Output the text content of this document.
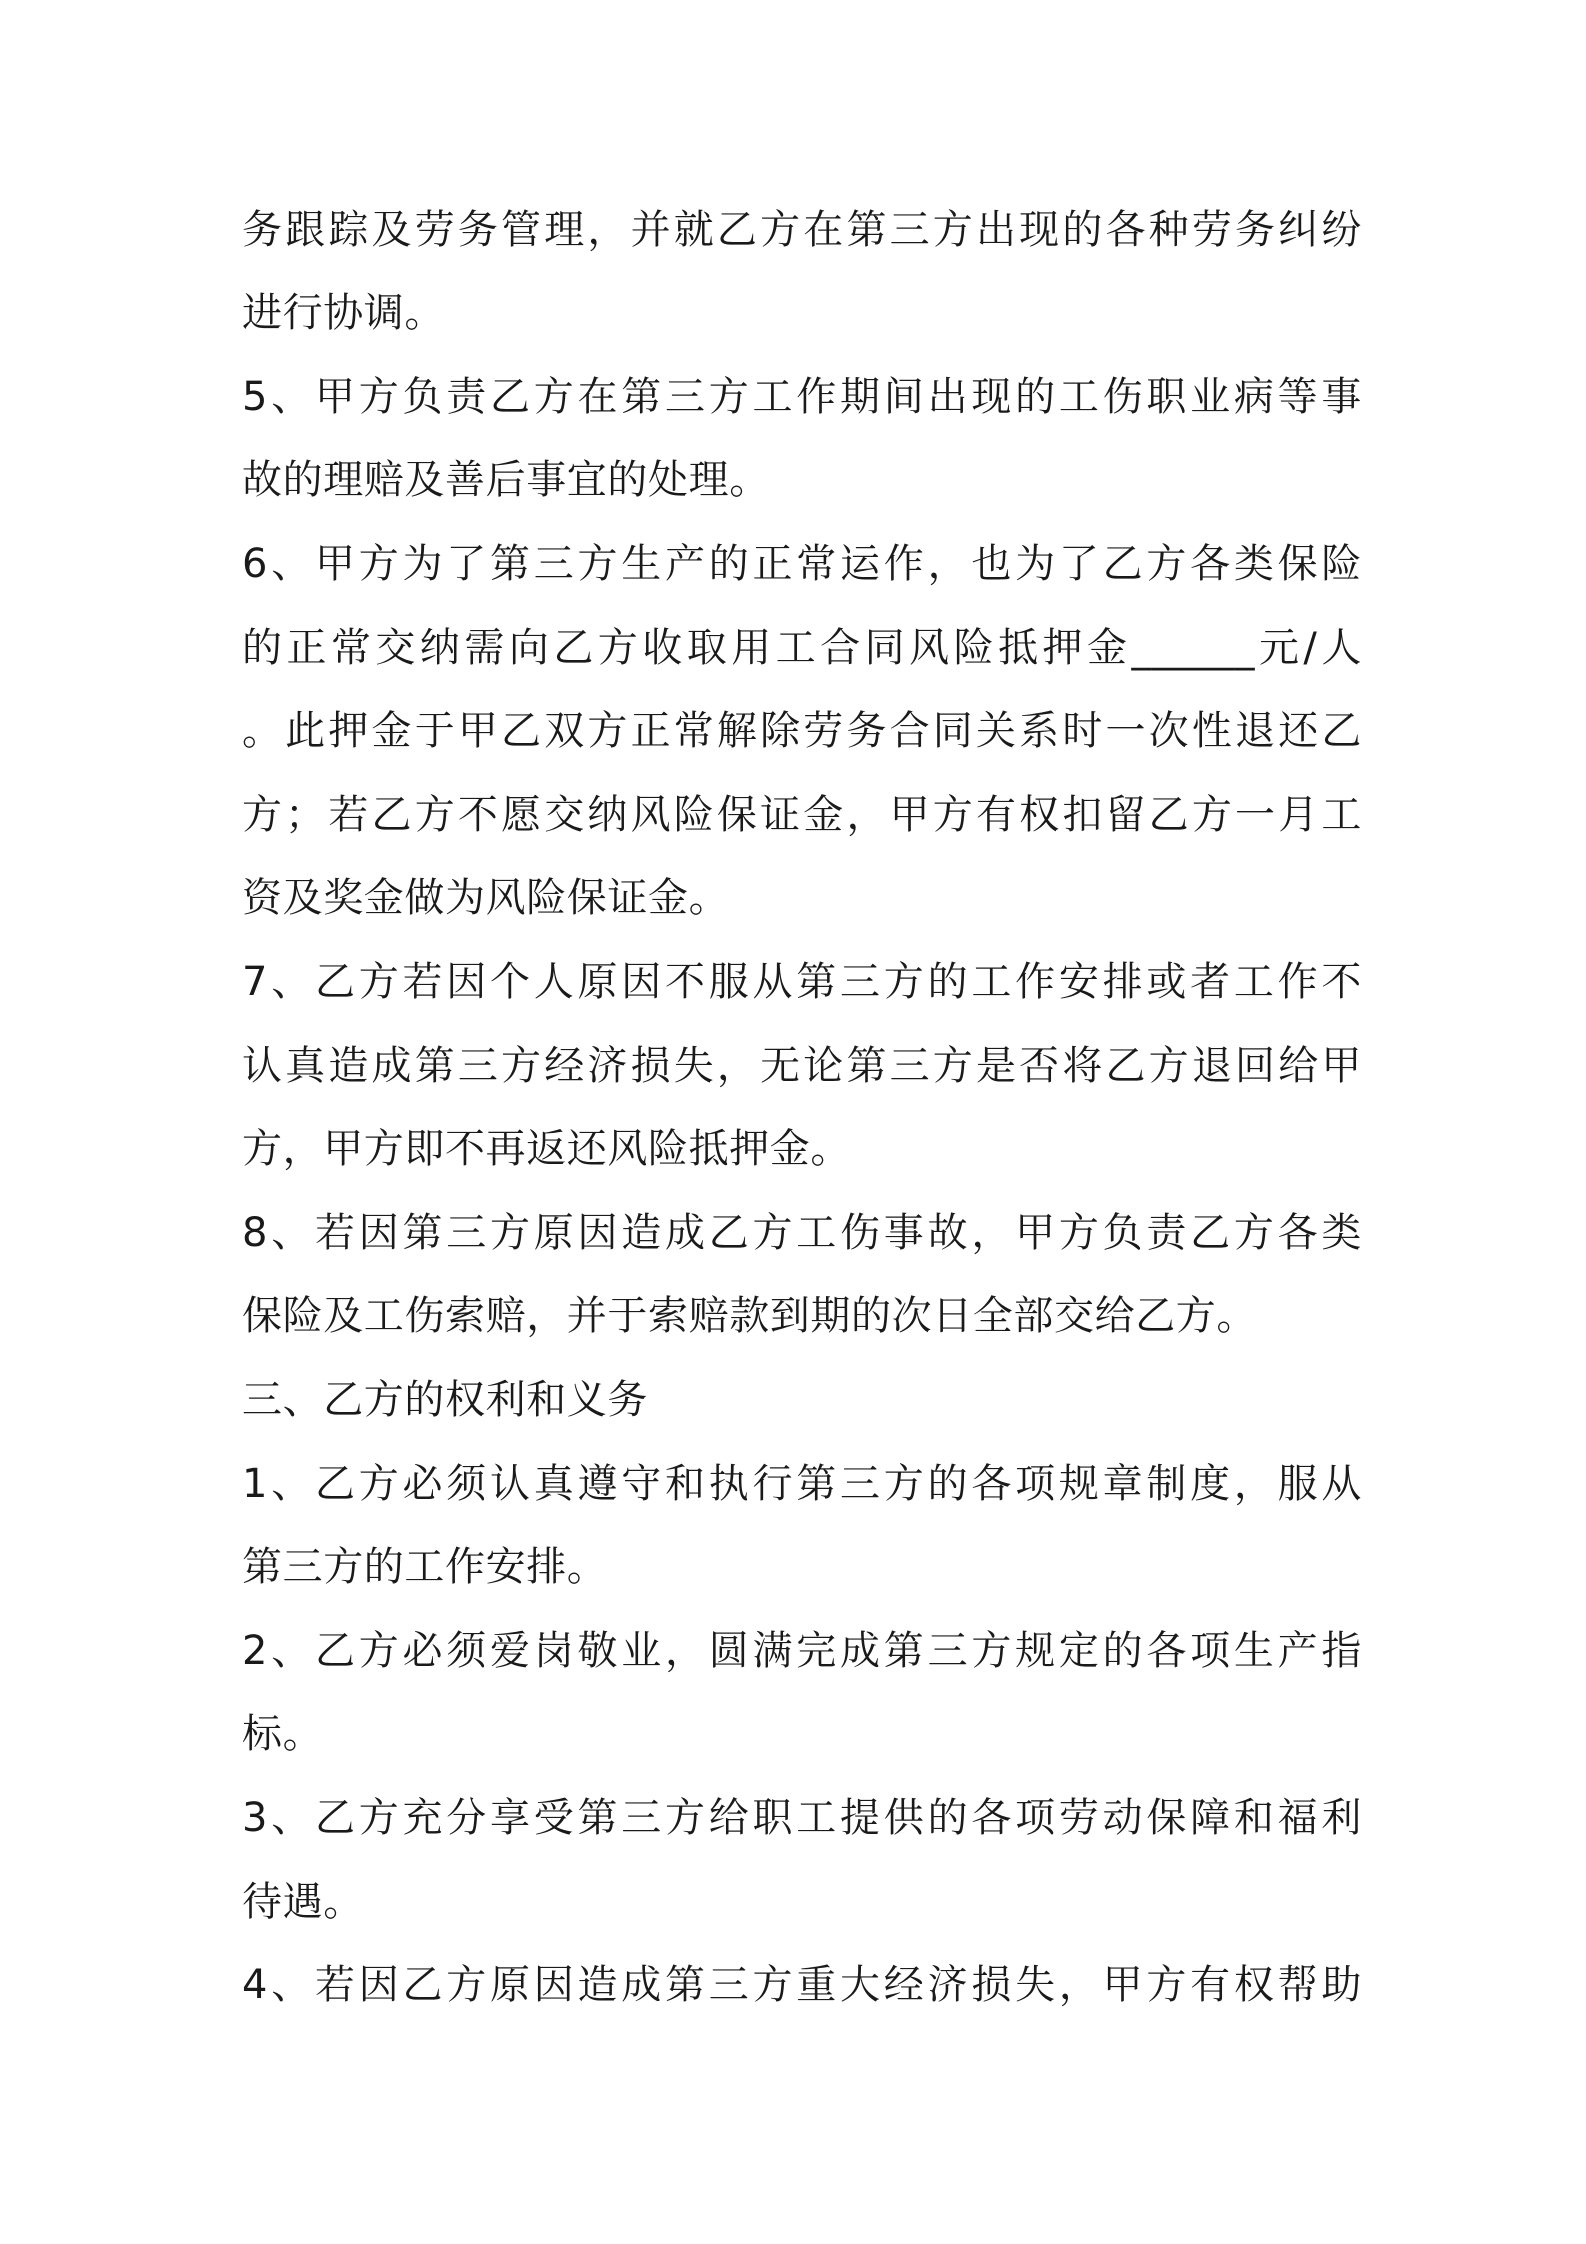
务跟踪及劳务管理，并就乙方在第三方出现的各种劳务纠纷
进行协调。
5、甲方负责乙方在第三方工作期间出现的工伤职业病等事
故的理赔及善后事宜的处理。
6、甲方为了第三方生产的正常运作，也为了乙方各类保险
的正常交纳需向乙方收取用工合同风险抵押金______元/人
。此押金于甲乙双方正常解除劳务合同关系时一次性退还乙
方；若乙方不愿交纳风险保证金，甲方有权扣留乙方一月工
资及奖金做为风险保证金。
7、乙方若因个人原因不服从第三方的工作安排或者工作不
认真造成第三方经济损失，无论第三方是否将乙方退回给甲
方，甲方即不再返还风险抵押金。
8、若因第三方原因造成乙方工伤事故，甲方负责乙方各类
保险及工伤索赔，并于索赔款到期的次日全部交给乙方。
三、乙方的权利和义务
1、乙方必须认真遵守和执行第三方的各项规章制度，服从
第三方的工作安排。
2、乙方必须爱岗敬业，圆满完成第三方规定的各项生产指
标。
3、乙方充分享受第三方给职工提供的各项劳动保障和福利
待遇。
4、若因乙方原因造成第三方重大经济损失，甲方有权帮助
